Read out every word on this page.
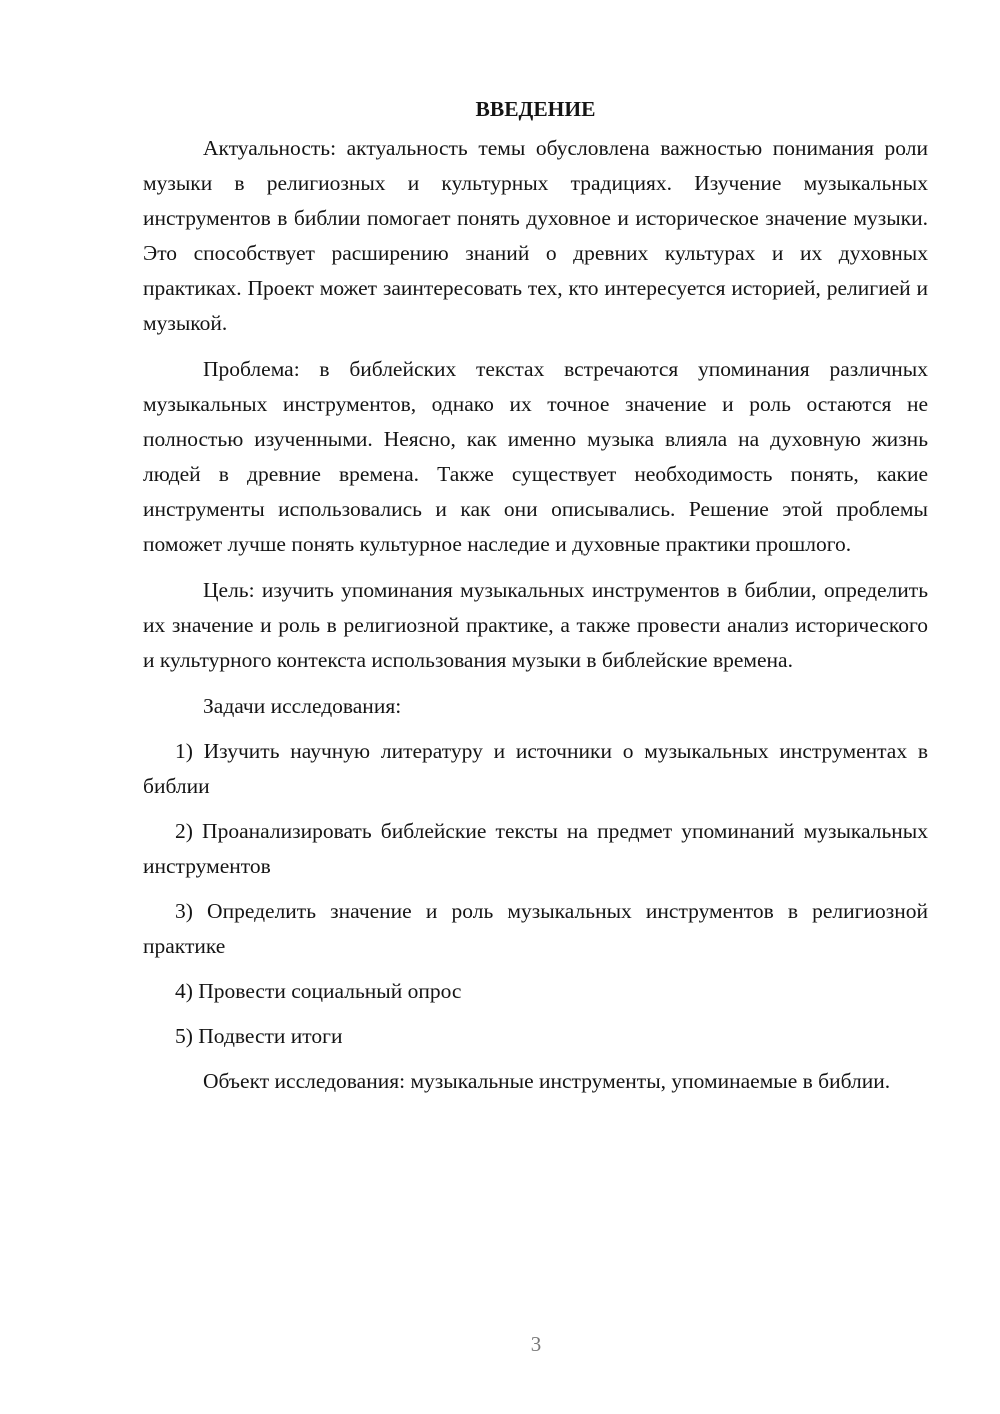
ВВЕДЕНИЕ

Актуальность: актуальность темы обусловлена важностью понимания роли музыки в религиозных и культурных традициях. Изучение музыкальных инструментов в библии помогает понять духовное и историческое значение музыки. Это способствует расширению знаний о древних культурах и их духовных практиках. Проект может заинтересовать тех, кто интересуется историей, религией и музыкой.

Проблема: в библейских текстах встречаются упоминания различных музыкальных инструментов, однако их точное значение и роль остаются не полностью изученными. Неясно, как именно музыка влияла на духовную жизнь людей в древние времена. Также существует необходимость понять, какие инструменты использовались и как они описывались. Решение этой проблемы поможет лучше понять культурное наследие и духовные практики прошлого.

Цель: изучить упоминания музыкальных инструментов в библии, определить их значение и роль в религиозной практике, а также провести анализ исторического и культурного контекста использования музыки в библейские времена.

Задачи исследования:

1) Изучить научную литературу и источники о музыкальных инструментах в библии

2) Проанализировать библейские тексты на предмет упоминаний музыкальных инструментов

3) Определить значение и роль музыкальных инструментов в религиозной практике

4) Провести социальный опрос

5) Подвести итоги

Объект исследования: музыкальные инструменты, упоминаемые в библии.

3
